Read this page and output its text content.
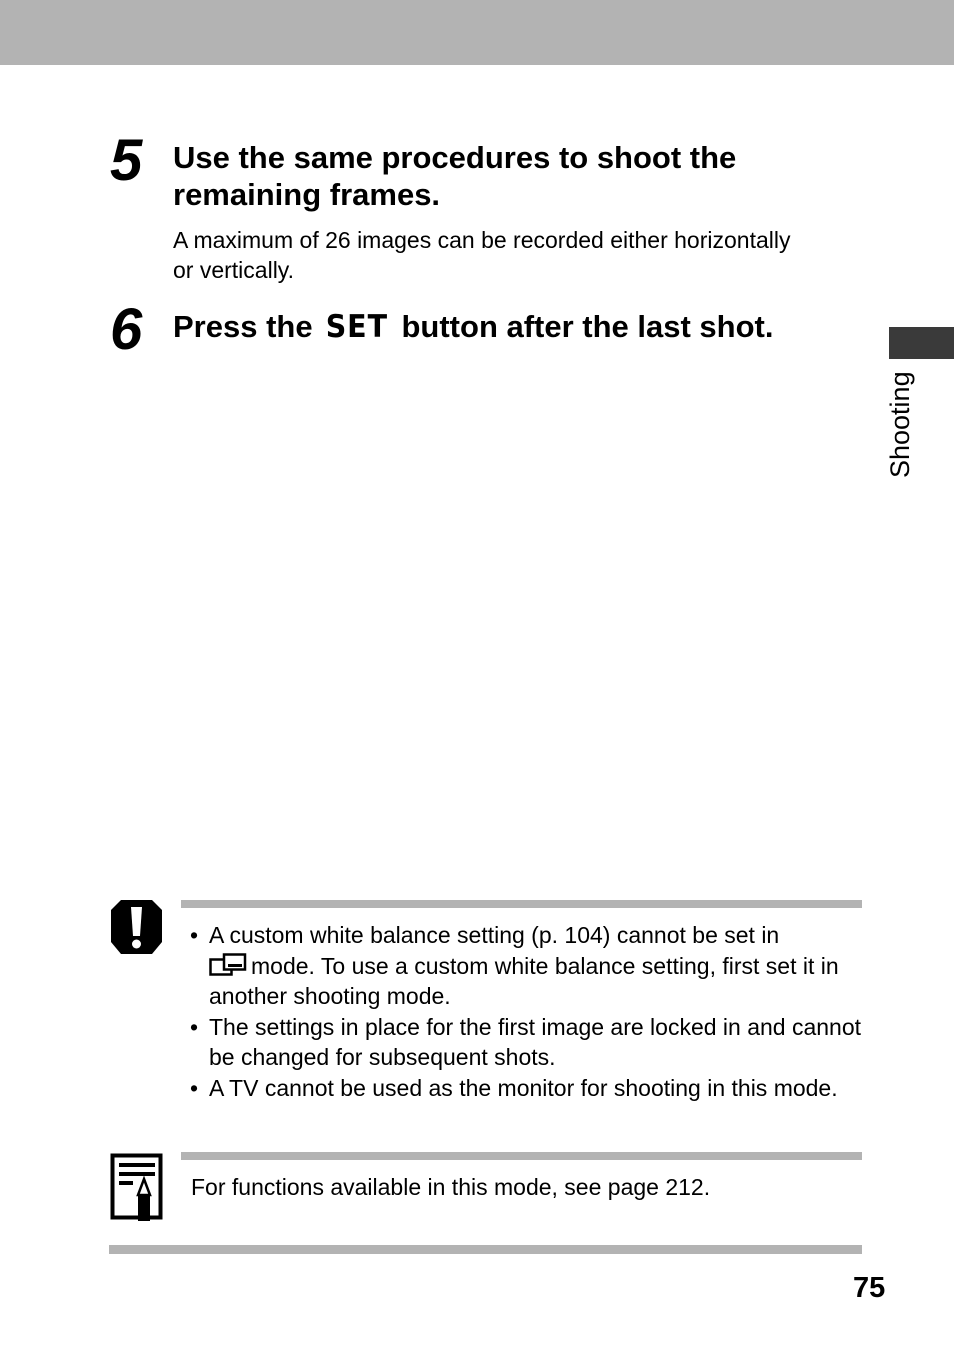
5 Use the same procedures to shoot the remaining frames.
A maximum of 26 images can be recorded either horizontally or vertically.
6 Press the SET button after the last shot.
Shooting
• A custom white balance setting (p. 104) cannot be set in
mode. To use a custom white balance setting, first set it in another shooting mode.
• The settings in place for the first image are locked in and cannot be changed for subsequent shots.
• A TV cannot be used as the monitor for shooting in this mode.
For functions available in this mode, see page 212.
75
